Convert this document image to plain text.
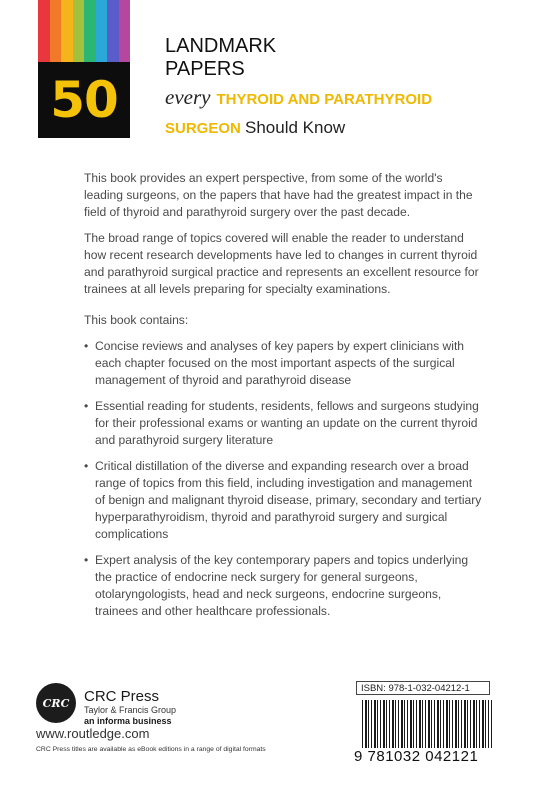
50
LANDMARK
PAPERS
every THYROID AND PARATHYROID
SURGEON Should Know

This book provides an expert perspective, from some of the world's leading surgeons, on the papers that have had the greatest impact in the field of thyroid and parathyroid surgery over the past decade.

The broad range of topics covered will enable the reader to understand how recent research developments have led to changes in current thyroid and parathyroid surgical practice and represents an excellent resource for trainees at all levels preparing for specialty examinations.

This book contains:

• Concise reviews and analyses of key papers by expert clinicians with each chapter focused on the most important aspects of the surgical management of thyroid and parathyroid disease
• Essential reading for students, residents, fellows and surgeons studying for their professional exams or wanting an update on the current thyroid and parathyroid surgery literature
• Critical distillation of the diverse and expanding research over a broad range of topics from this field, including investigation and management of benign and malignant thyroid disease, primary, secondary and tertiary hyperparathyroidism, thyroid and parathyroid surgery and surgical complications
• Expert analysis of the key contemporary papers and topics underlying the practice of endocrine neck surgery for general surgeons, otolaryngologists, head and neck surgeons, endocrine surgeons, trainees and other healthcare professionals.
CRC CRC Press
Taylor & Francis Group
an informa business
www.routledge.com
CRC Press titles are available as eBook editions in a range of digital formats
ISBN: 978-1-032-04212-1
9 781032 042121
